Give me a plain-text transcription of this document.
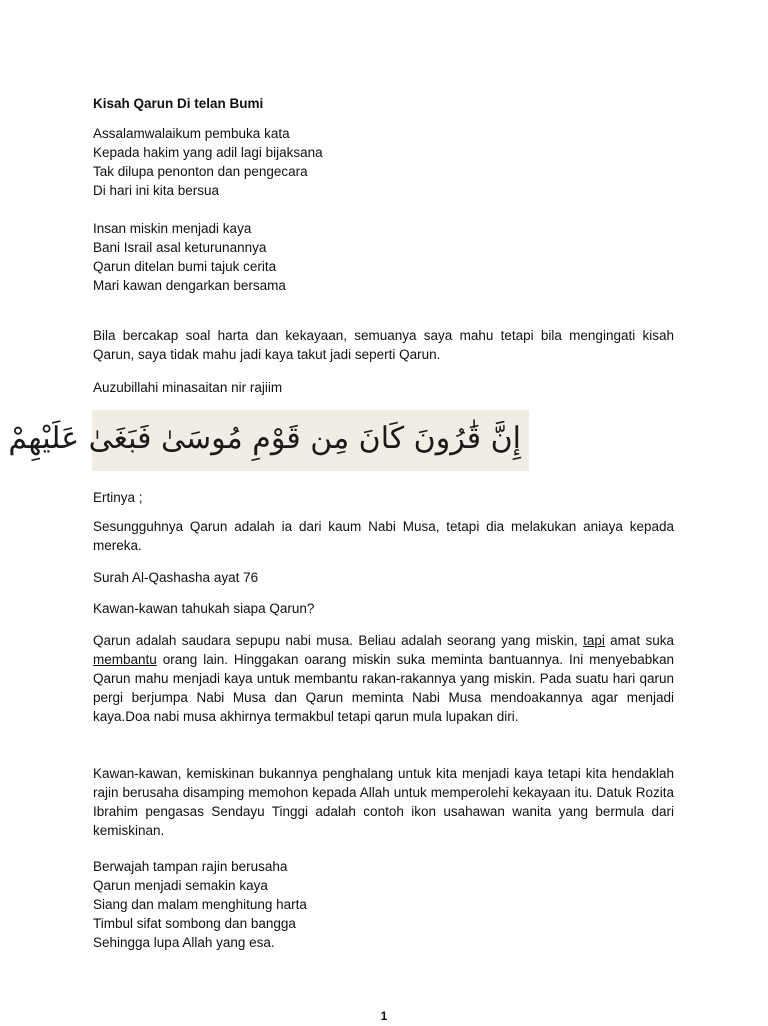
Kisah Qarun Di telan Bumi
Assalamwalaikum pembuka kata
Kepada hakim yang adil lagi bijaksana
Tak dilupa penonton dan pengecara
Di hari ini kita bersua
Insan miskin menjadi kaya
Bani Israil asal keturunannya
Qarun ditelan bumi tajuk cerita
Mari kawan dengarkan bersama
Bila bercakap soal harta dan kekayaan, semuanya saya mahu tetapi bila mengingati kisah Qarun, saya tidak mahu jadi kaya takut jadi seperti Qarun.
Auzubillahi minasaitan nir rajiim
إِنَّ قَٰرُونَ كَانَ مِن قَوْمِ مُوسَىٰ فَبَغَىٰ عَلَيْهِمْ
Ertinya ;
Sesungguhnya Qarun adalah ia dari kaum Nabi Musa, tetapi dia melakukan aniaya kepada mereka.
Surah Al-Qashasha ayat 76
Kawan-kawan tahukah siapa Qarun?
Qarun adalah saudara sepupu nabi musa. Beliau adalah seorang yang miskin, tapi amat suka membantu orang lain. Hinggakan oarang miskin suka meminta bantuannya. Ini menyebabkan Qarun mahu menjadi kaya untuk membantu rakan-rakannya yang miskin. Pada suatu hari qarun pergi berjumpa Nabi Musa dan Qarun meminta Nabi Musa mendoakannya agar menjadi kaya.Doa nabi musa akhirnya termakbul tetapi qarun mula lupakan diri.
Kawan-kawan, kemiskinan bukannya penghalang untuk kita menjadi kaya tetapi kita hendaklah rajin berusaha disamping memohon kepada Allah untuk memperolehi kekayaan itu. Datuk Rozita Ibrahim pengasas Sendayu Tinggi adalah contoh ikon usahawan wanita yang bermula dari kemiskinan.
Berwajah tampan rajin berusaha
Qarun menjadi semakin kaya
Siang dan malam menghitung harta
Timbul sifat sombong dan bangga
Sehingga lupa Allah yang esa.
1
